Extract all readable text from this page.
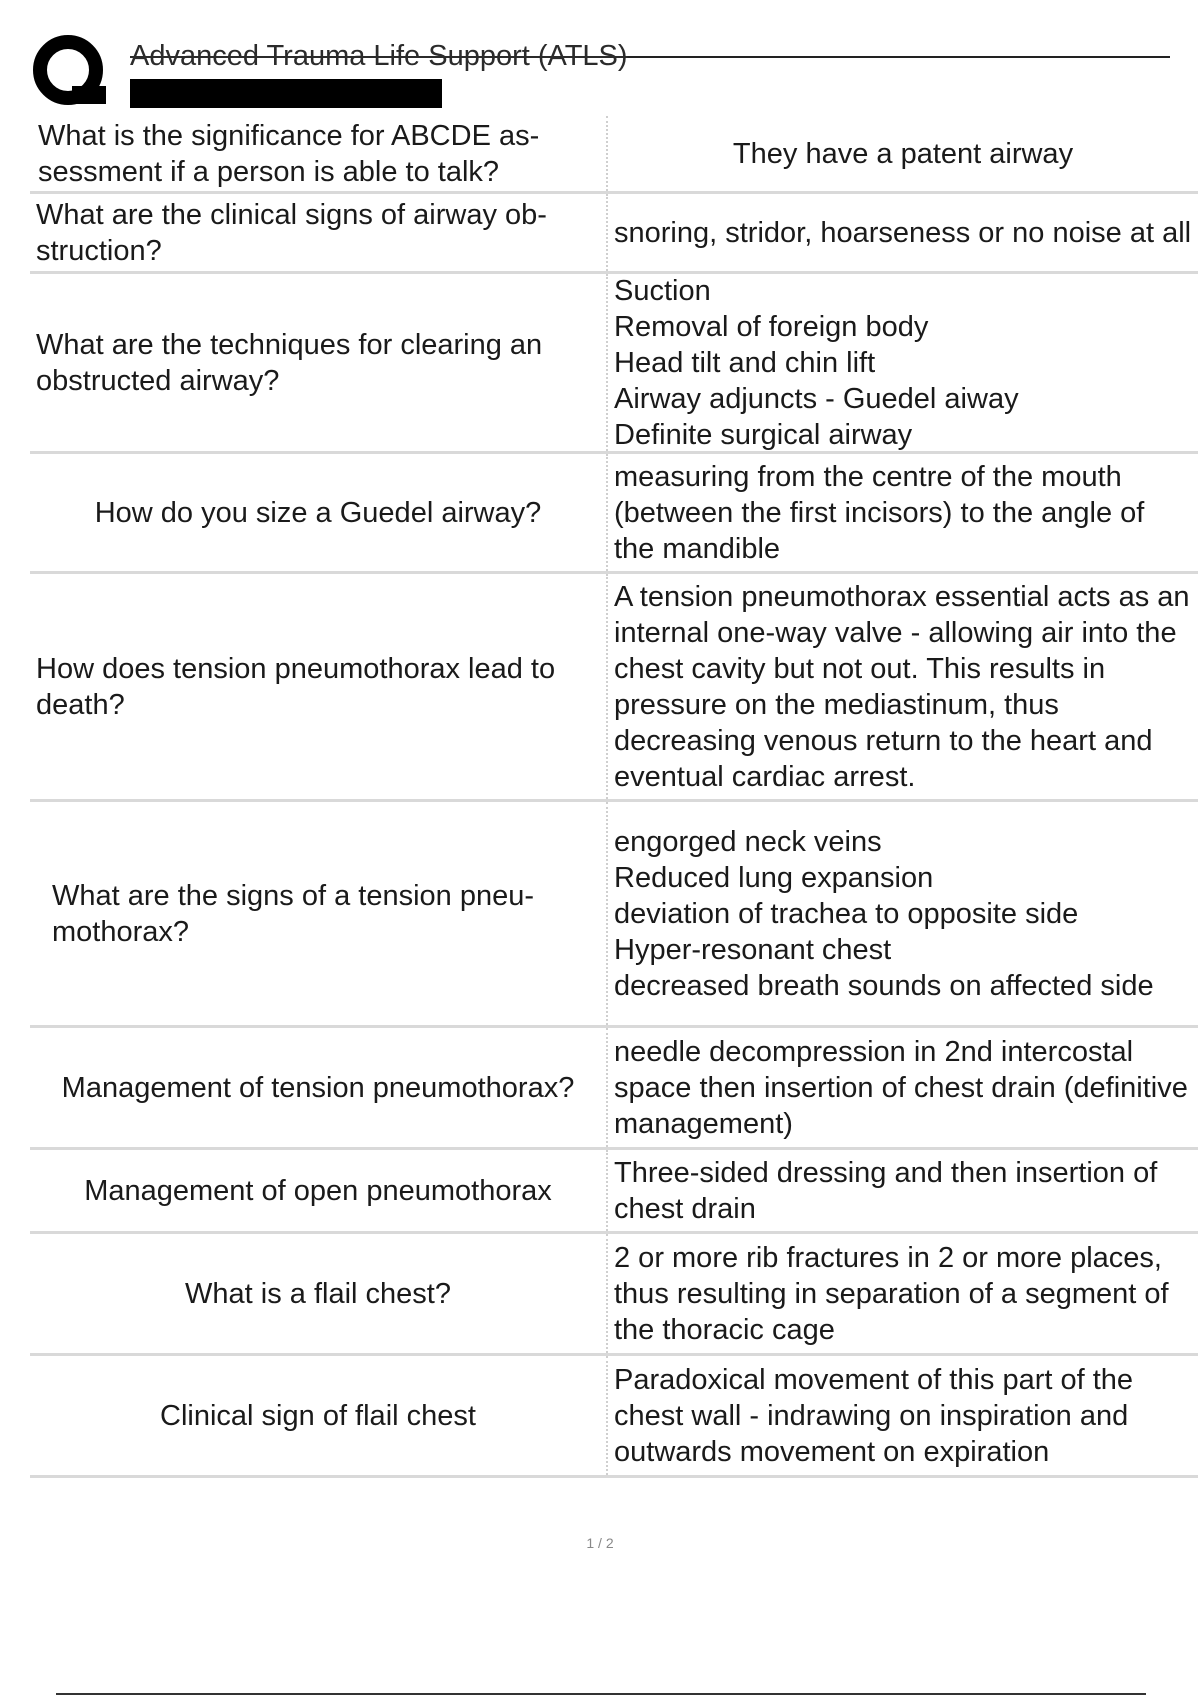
Advanced Trauma Life Support (ATLS)
What is the significance for ABCDE assessment if a person is able to talk?
They have a patent airway
What are the clinical signs of airway obstruction?
snoring, stridor, hoarseness or no noise at all
What are the techniques for clearing an obstructed airway?
Suction
Removal of foreign body
Head tilt and chin lift
Airway adjuncts - Guedel aiway
Definite surgical airway
How do you size a Guedel airway?
measuring from the centre of the mouth (between the first incisors) to the angle of the mandible
How does tension pneumothorax lead to death?
A tension pneumothorax essential acts as an internal one-way valve - allowing air into the chest cavity but not out. This results in pressure on the mediastinum, thus decreasing venous return to the heart and eventual cardiac arrest.
What are the signs of a tension pneumothorax?
engorged neck veins
Reduced lung expansion
deviation of trachea to opposite side
Hyper-resonant chest
decreased breath sounds on affected side
Management of tension pneumothorax?
needle decompression in 2nd intercostal space then insertion of chest drain (definitive management)
Management of open pneumothorax
Three-sided dressing and then insertion of chest drain
What is a flail chest?
2 or more rib fractures in 2 or more places, thus resulting in separation of a segment of the thoracic cage
Clinical sign of flail chest
Paradoxical movement of this part of the chest wall - indrawing on inspiration and outwards movement on expiration
1 / 2
